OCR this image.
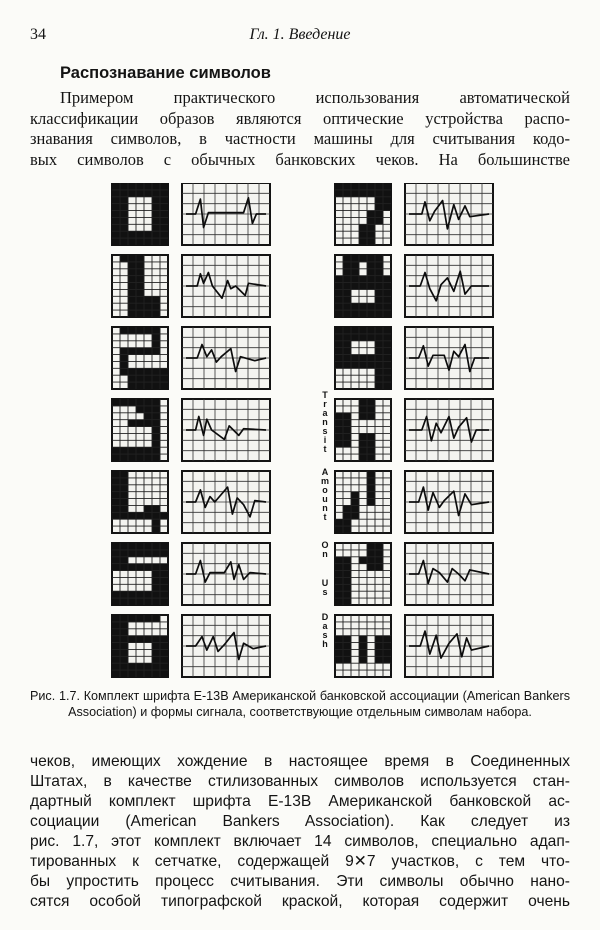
34	Гл. 1. Введение
Распознавание символов
Примером практического использования автоматической
классификации образов являются оптические устройства распо-
знавания символов, в частности машины для считывания кодо-
вых символов с обычных банковских чеков. На большинстве
T
r
a
n
s
i
t
A
m
o
u
n
t
O
n
U
s
D
a
s
h
Рис. 1.7. Комплект шрифта E-13B Американской банковской ассоциации (American Bankers Association) и формы сигнала, соответствующие отдельным символам набора.
чеков, имеющих хождение в настоящее время в Соединенных
Штатах, в качестве стилизованных символов используется стан-
дартный комплект шрифта E-13B Американской банковской ас-
социации (American Bankers Association). Как следует из
рис. 1.7, этот комплект включает 14 символов, специально адап-
тированных к сетчатке, содержащей 9✕7 участков, с тем что-
бы упростить процесс считывания. Эти символы обычно нано-
сятся особой типографской краской, которая содержит очень
